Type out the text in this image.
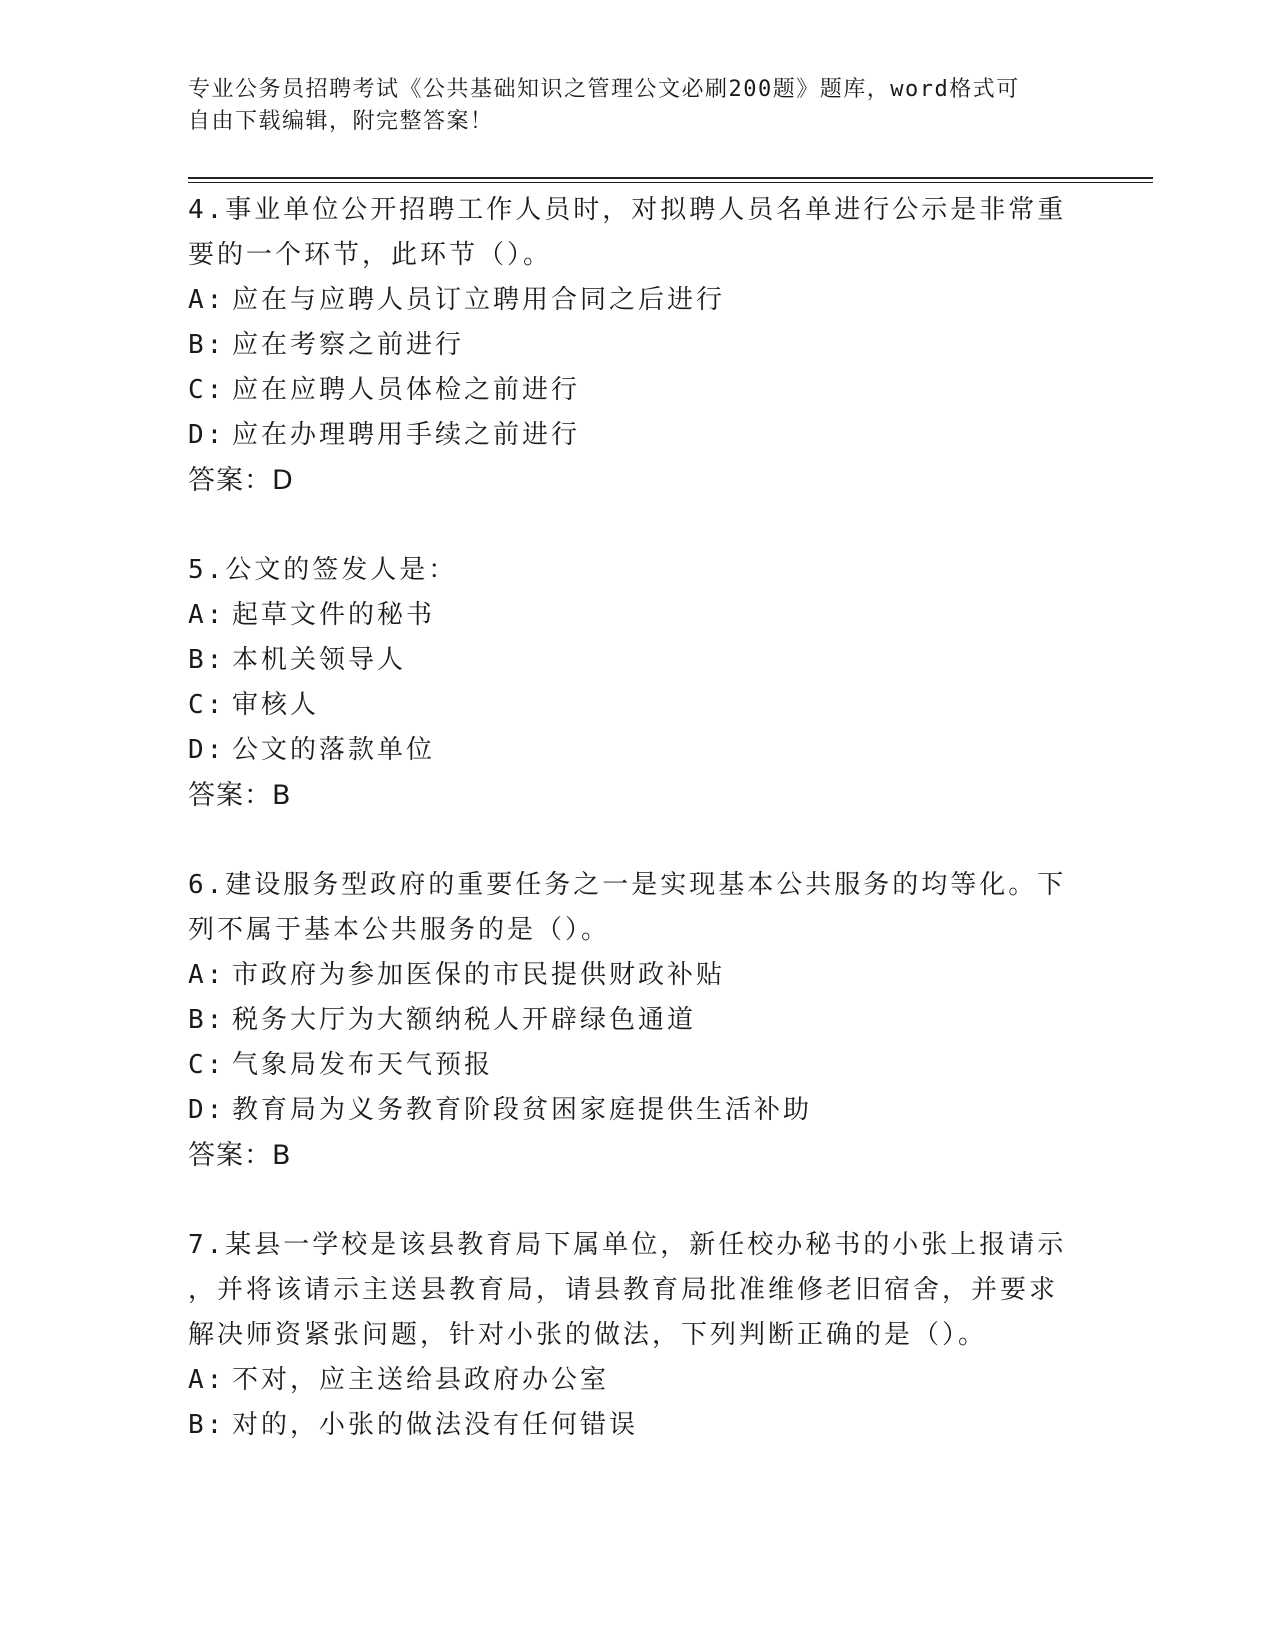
专业公务员招聘考试《公共基础知识之管理公文必刷200题》题库，word格式可
自由下载编辑，附完整答案！
4.事业单位公开招聘工作人员时，对拟聘人员名单进行公示是非常重
要的一个环节，此环节（）。
A: 应在与应聘人员订立聘用合同之后进行
B: 应在考察之前进行
C: 应在应聘人员体检之前进行
D: 应在办理聘用手续之前进行
答案：D
5.公文的签发人是：
A: 起草文件的秘书
B: 本机关领导人
C: 审核人
D: 公文的落款单位
答案：B
6.建设服务型政府的重要任务之一是实现基本公共服务的均等化。下
列不属于基本公共服务的是（）。
A: 市政府为参加医保的市民提供财政补贴
B: 税务大厅为大额纳税人开辟绿色通道
C: 气象局发布天气预报
D: 教育局为义务教育阶段贫困家庭提供生活补助
答案：B
7.某县一学校是该县教育局下属单位，新任校办秘书的小张上报请示
，并将该请示主送县教育局，请县教育局批准维修老旧宿舍，并要求
解决师资紧张问题，针对小张的做法，下列判断正确的是（）。
A: 不对，应主送给县政府办公室
B: 对的，小张的做法没有任何错误
